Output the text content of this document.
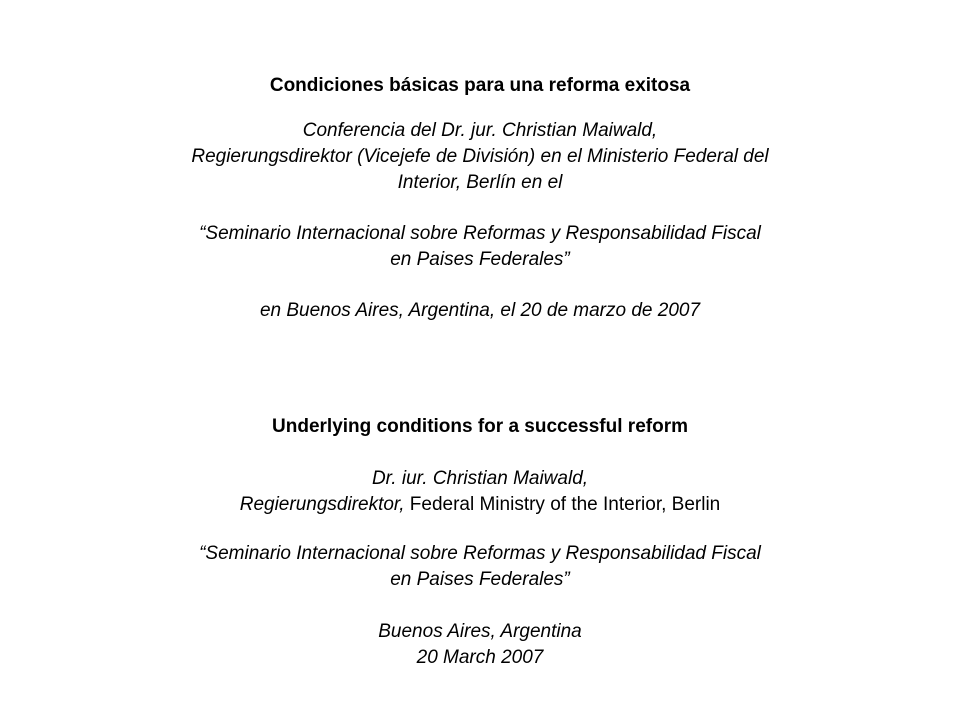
Condiciones básicas para una reforma exitosa
Conferencia del Dr. jur. Christian Maiwald,
Regierungsdirektor (Vicejefe de División) en el Ministerio Federal del
Interior, Berlín en el
“Seminario Internacional sobre Reformas y Responsabilidad Fiscal
en Paises Federales”
en Buenos Aires, Argentina, el 20 de marzo de 2007
Underlying conditions for a successful reform
Dr. iur. Christian Maiwald,
Regierungsdirektor, Federal Ministry of the Interior, Berlin
“Seminario Internacional sobre Reformas y Responsabilidad Fiscal
en Paises Federales”
Buenos Aires, Argentina
20 March 2007
